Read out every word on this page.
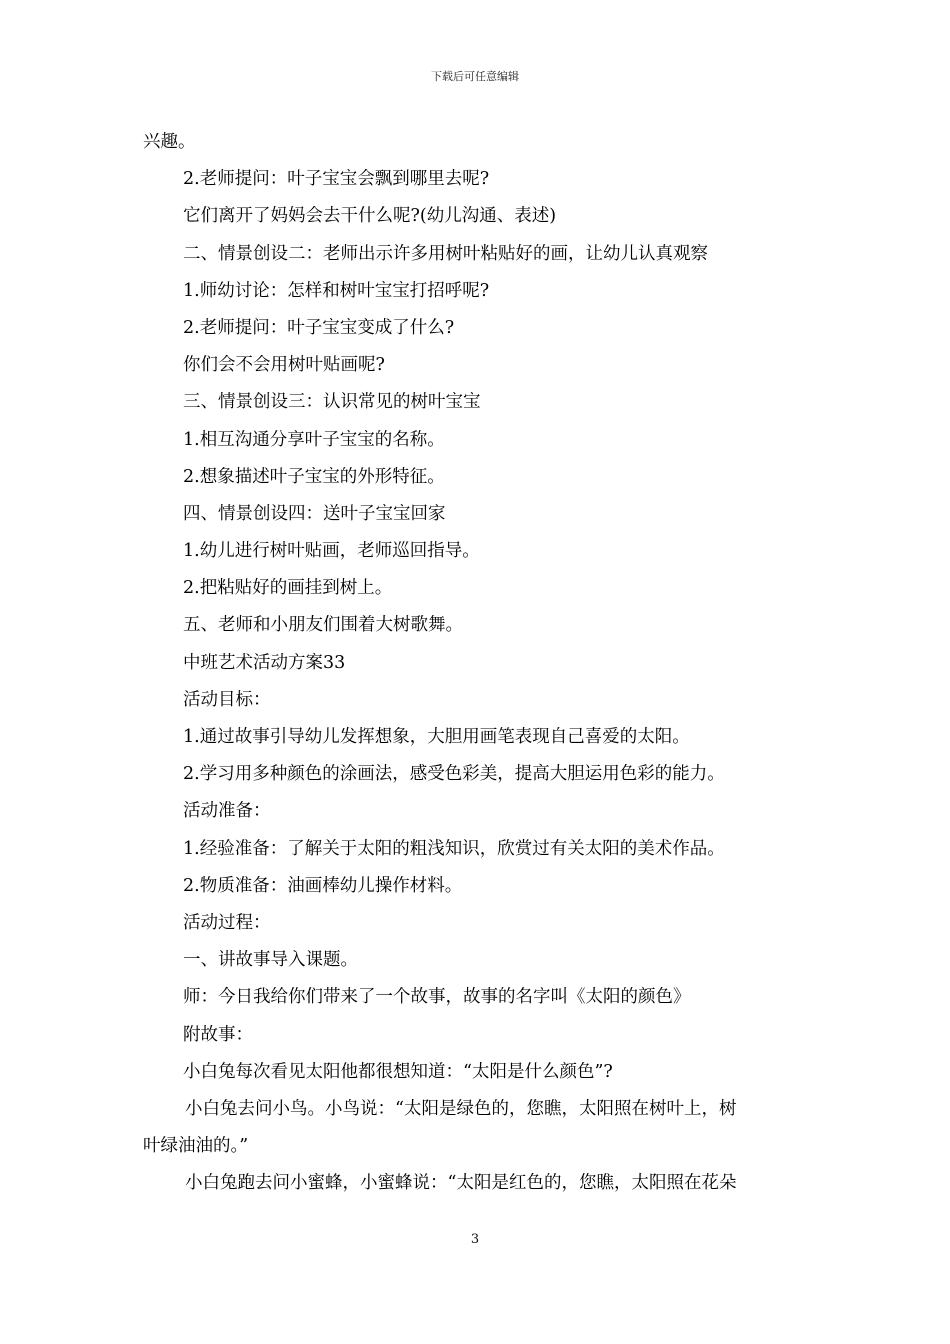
下载后可任意编辑
兴趣。
2.老师提问：叶子宝宝会飘到哪里去呢?
它们离开了妈妈会去干什么呢?(幼儿沟通、表述)
二、情景创设二：老师出示许多用树叶粘贴好的画，让幼儿认真观察
1.师幼讨论：怎样和树叶宝宝打招呼呢?
2.老师提问：叶子宝宝变成了什么?
你们会不会用树叶贴画呢?
三、情景创设三：认识常见的树叶宝宝
1.相互沟通分享叶子宝宝的名称。
2.想象描述叶子宝宝的外形特征。
四、情景创设四：送叶子宝宝回家
1.幼儿进行树叶贴画，老师巡回指导。
2.把粘贴好的画挂到树上。
五、老师和小朋友们围着大树歌舞。
中班艺术活动方案33
活动目标：
1.通过故事引导幼儿发挥想象，大胆用画笔表现自己喜爱的太阳。
2.学习用多种颜色的涂画法，感受色彩美，提高大胆运用色彩的能力。
活动准备：
1.经验准备：了解关于太阳的粗浅知识，欣赏过有关太阳的美术作品。
2.物质准备：油画棒幼儿操作材料。
活动过程：
一、讲故事导入课题。
师：今日我给你们带来了一个故事，故事的名字叫《太阳的颜色》
附故事：
小白兔每次看见太阳他都很想知道：“太阳是什么颜色”?
小白兔去问小鸟。小鸟说：“太阳是绿色的，您瞧，太阳照在树叶上，树
叶绿油油的。”
小白兔跑去问小蜜蜂，小蜜蜂说：“太阳是红色的，您瞧，太阳照在花朵
3
